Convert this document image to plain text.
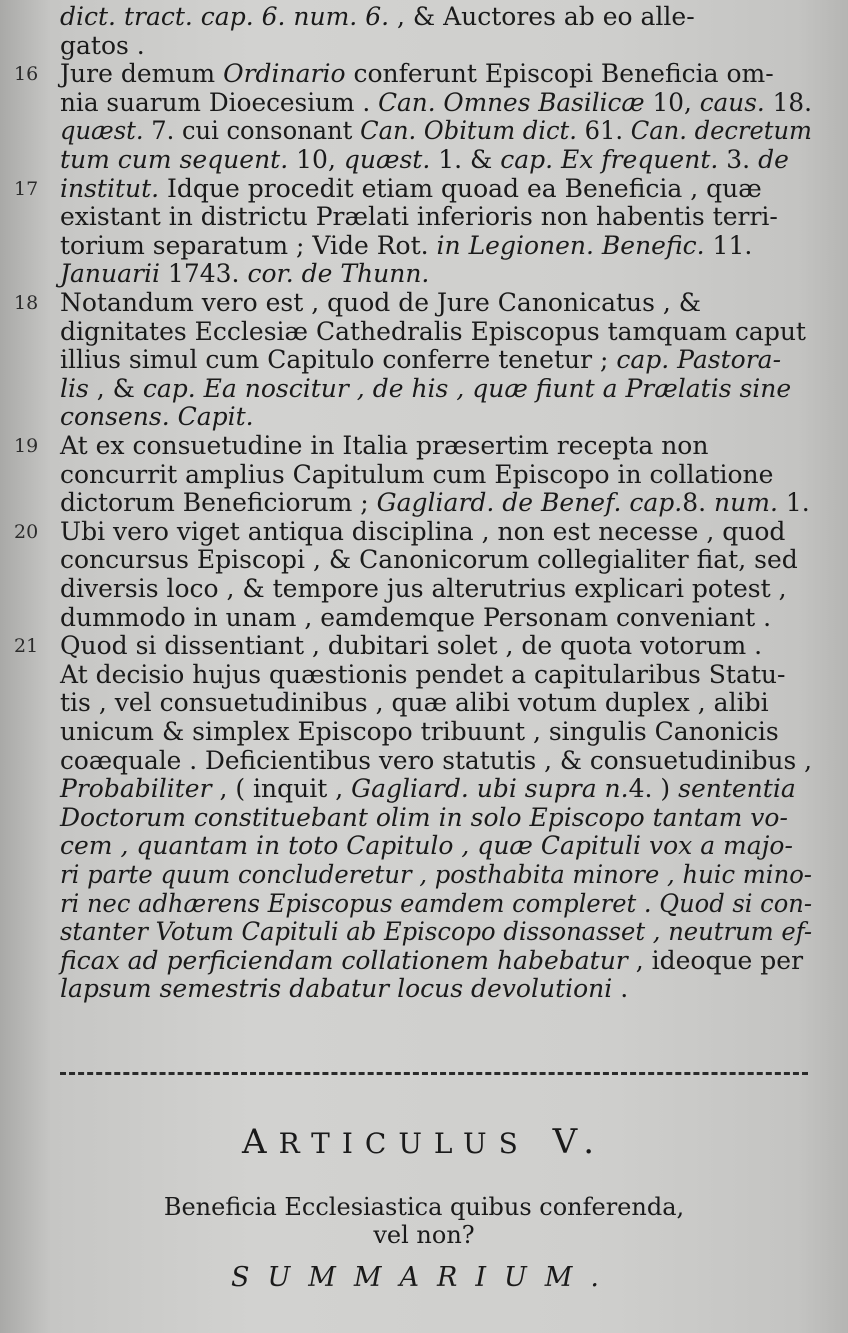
dict. tract. cap. 6. num. 6. , & Auctores ab eo alle-
gatos .
16 Jure demum Ordinario conferunt Episcopi Beneficia om-
nia suarum Dioecesium . Can. Omnes Basilicæ 10, caus. 18.
quæst. 7. cui consonant Can. Obitum dict. 61. Can. decretum
tum cum sequent. 10, quæst. 1. & cap. Ex frequent. 3. de
17 institut. Idque procedit etiam quoad ea Beneficia , quæ
existant in districtu Prælati inferioris non habentis terri-
torium separatum ; Vide Rot. in Legionen. Benefic. 11.
Januarii 1743. cor. de Thunn.
18 Notandum vero est , quod de Jure Canonicatus , &
dignitates Ecclesiæ Cathedralis Episcopus tamquam caput
illius simul cum Capitulo conferre tenetur ; cap. Pastora-
lis , & cap. Ea noscitur , de his , quæ fiunt a Prælatis sine
consens. Capit.
19 At ex consuetudine in Italia præsertim recepta non
concurrit amplius Capitulum cum Episcopo in collatione
dictorum Beneficiorum ; Gagliard. de Benef. cap.8. num. 1.
20 Ubi vero viget antiqua disciplina , non est necesse , quod
concursus Episcopi , & Canonicorum collegialiter fiat, sed
diversis loco , & tempore jus alterutrius explicari potest ,
dummodo in unam , eamdemque Personam conveniant .
21 Quod si dissentiant , dubitari solet , de quota votorum .
At decisio hujus quæstionis pendet a capitularibus Statu-
tis , vel consuetudinibus , quæ alibi votum duplex , alibi
unicum & simplex Episcopo tribuunt , singulis Canonicis
coæquale . Deficientibus vero statutis , & consuetudinibus ,
Probabiliter , ( inquit , Gagliard. ubi supra n.4. ) sententia
Doctorum constituebant olim in solo Episcopo tantam vo-
cem , quantam in toto Capitulo , quæ Capituli vox a majo-
ri parte quum concluderetur , posthabita minore , huic mino-
ri nec adhærens Episcopus eamdem compleret . Quod si con-
stanter Votum Capituli ab Episcopo dissonasset , neutrum ef-
ficax ad perficiendam collationem habebatur , ideoque per
lapsum semestris dabatur locus devolutioni .
ARTICULUS V.
Beneficia Ecclesiastica quibus conferenda,
vel non?
SUMMARIUM.
